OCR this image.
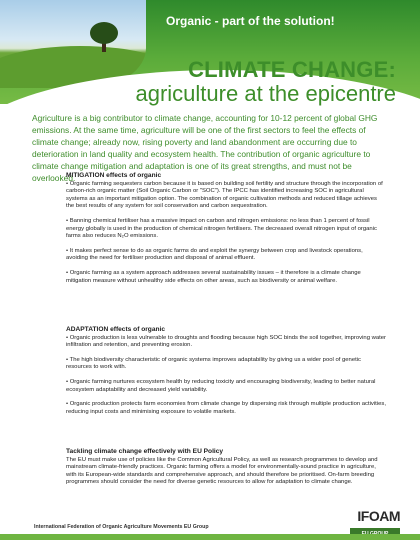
Organic - part of the solution!
CLIMATE CHANGE:
agriculture at the epicentre
Agriculture is a big contributor to climate change, accounting for 10-12 percent of global GHG emissions. At the same time, agriculture will be one of the first sectors to feel the effects of climate change; already now, rising poverty and land abandonment are occurring due to deterioration in land quality and ecosystem health. The contribution of organic agriculture to climate change mitigation and adaptation is one of its great strengths, and must not be overlooked.
MITIGATION effects of organic
• Organic farming sequesters carbon because it is based on building soil fertility and structure through the incorporation of carbon-rich organic matter (Soil Organic Carbon or "SOC"). The IPCC has identified increasing SOC in agricultural systems as an important mitigation option. The combination of organic cultivation methods and reduced tillage achieves the best results of any system for soil conservation and carbon sequestration.
• Banning chemical fertiliser has a massive impact on carbon and nitrogen emissions: no less than 1 percent of fossil energy globally is used in the production of chemical nitrogen fertilisers. The decreased overall nitrogen input of organic farms also reduces N₂O emissions.
• It makes perfect sense to do as organic farms do and exploit the synergy between crop and livestock operations, avoiding the need for fertiliser production and disposal of animal effluent.
• Organic farming as a system approach addresses several sustainability issues – it therefore is a climate change mitigation measure without unhealthy side effects on other areas, such as biodiversity or animal welfare.
ADAPTATION effects of organic
• Organic production is less vulnerable to droughts and flooding because high SOC binds the soil together, improving water infiltration and retention, and preventing erosion.
• The high biodiversity characteristic of organic systems improves adaptability by giving us a wider pool of genetic resources to work with.
• Organic farming nurtures ecosystem health by reducing toxicity and encouraging biodiversity, leading to better natural ecosystem adaptability and decreased yield variability.
• Organic production protects farm economies from climate change by dispersing risk through multiple production activities, reducing input costs and minimising exposure to volatile markets.
Tackling climate change effectively with EU Policy
The EU must make use of policies like the Common Agricultural Policy, as well as research programmes to develop and mainstream climate-friendly practices. Organic farming offers a model for environmentally-sound practice in agriculture, with its European-wide standards and comprehensive approach, and should therefore be prioritised. On-farm breeding programmes should consider the need for diverse genetic resources to allow for adaptation to climate change.
International Federation of Organic Agriculture Movements EU Group
IFOAM
